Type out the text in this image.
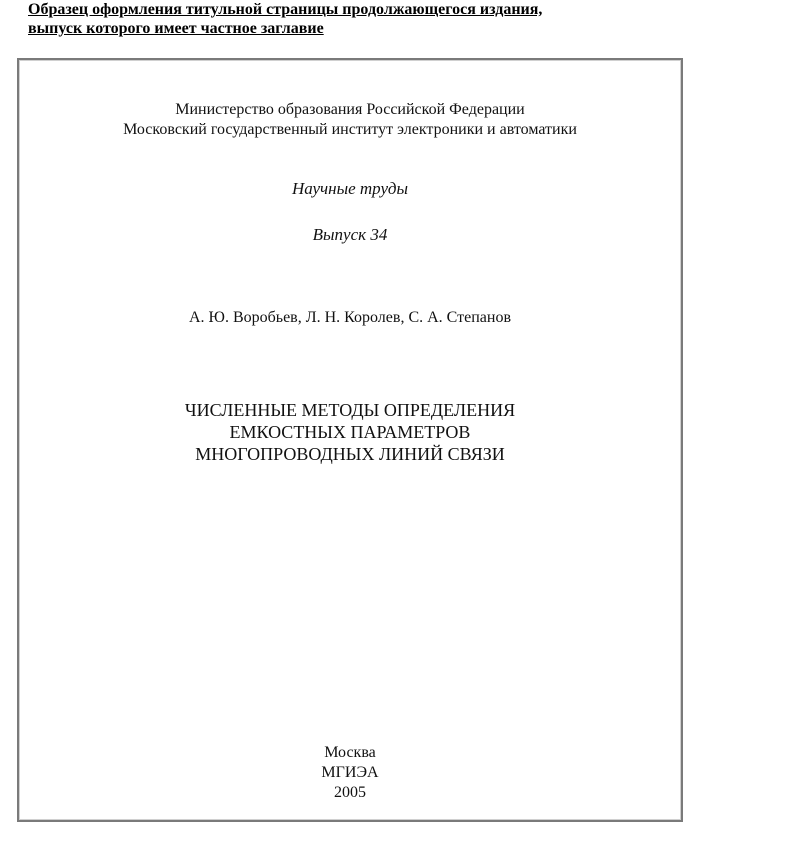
Образец оформления титульной страницы продолжающегося издания,
выпуск которого имеет частное заглавие
Министерство образования Российской Федерации
Московский государственный институт электроники и автоматики
Научные труды
Выпуск 34
А. Ю. Воробьев, Л. Н. Королев, С. А. Степанов
ЧИСЛЕННЫЕ МЕТОДЫ ОПРЕДЕЛЕНИЯ
ЕМКОСТНЫХ ПАРАМЕТРОВ
МНОГОПРОВОДНЫХ ЛИНИЙ СВЯЗИ
Москва
МГИЭА
2005
